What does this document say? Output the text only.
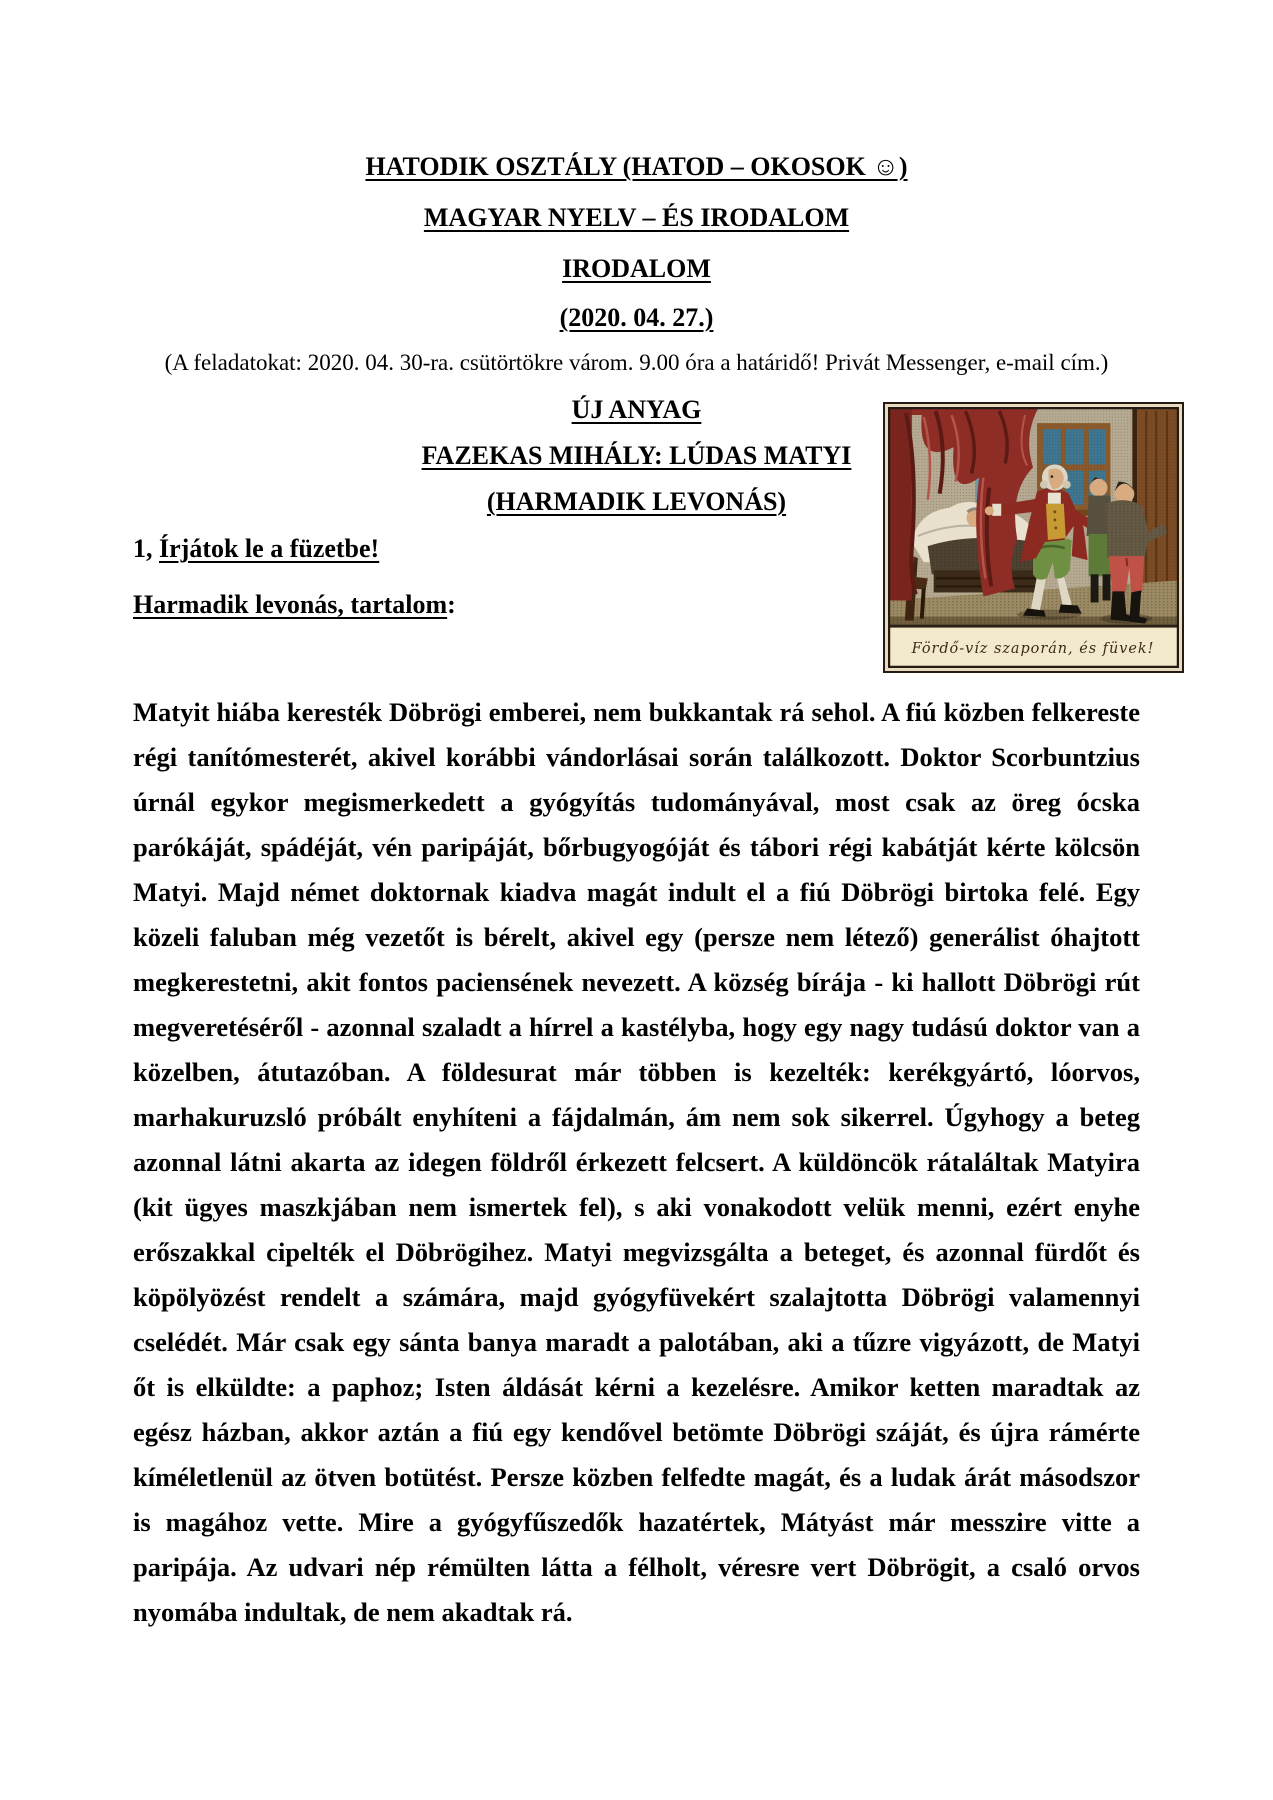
HATODIK OSZTÁLY (HATOD – OKOSOK ☺)
MAGYAR NYELV – ÉS IRODALOM
IRODALOM
(2020. 04. 27.)
(A feladatokat: 2020. 04. 30-ra. csütörtökre várom. 9.00 óra a határidő! Privát Messenger, e-mail cím.)
ÚJ ANYAG
FAZEKAS MIHÁLY: LÚDAS MATYI
(HARMADIK LEVONÁS)
1, Írjátok le a füzetbe!
Harmadik levonás, tartalom:
Fördő-víz szaporán, és füvek!

Matyit hiába keresték Döbrögi emberei, nem bukkantak rá sehol. A fiú közben felkereste régi tanítómesterét, akivel korábbi vándorlásai során találkozott. Doktor Scorbuntzius úrnál egykor megismerkedett a gyógyítás tudományával, most csak az öreg ócska parókáját, spádéját, vén paripáját, bőrbugyogóját és tábori régi kabátját kérte kölcsön Matyi. Majd német doktornak kiadva magát indult el a fiú Döbrögi birtoka felé. Egy közeli faluban még vezetőt is bérelt, akivel egy (persze nem létező) generálist óhajtott megkerestetni, akit fontos paciensének nevezett. A község bírája - ki hallott Döbrögi rút megveretéséről - azonnal szaladt a hírrel a kastélyba, hogy egy nagy tudású doktor van a közelben, átutazóban. A földesurat már többen is kezelték: kerékgyártó, lóorvos, marhakuruzsló próbált enyhíteni a fájdalmán, ám nem sok sikerrel. Úgyhogy a beteg azonnal látni akarta az idegen földről érkezett felcsert. A küldöncök rátaláltak Matyira (kit ügyes maszkjában nem ismertek fel), s aki vonakodott velük menni, ezért enyhe erőszakkal cipelték el Döbrögihez. Matyi megvizsgálta a beteget, és azonnal fürdőt és köpölyözést rendelt a számára, majd gyógyfüvekért szalajtotta Döbrögi valamennyi cselédét. Már csak egy sánta banya maradt a palotában, aki a tűzre vigyázott, de Matyi őt is elküldte: a paphoz; Isten áldását kérni a kezelésre. Amikor ketten maradtak az egész házban, akkor aztán a fiú egy kendővel betömte Döbrögi száját, és újra rámérte kíméletlenül az ötven botütést. Persze közben felfedte magát, és a ludak árát másodszor is magához vette. Mire a gyógyfűszedők hazatértek, Mátyást már messzire vitte a paripája. Az udvari nép rémülten látta a félholt, véresre vert Döbrögit, a csaló orvos nyomába indultak, de nem akadtak rá.
